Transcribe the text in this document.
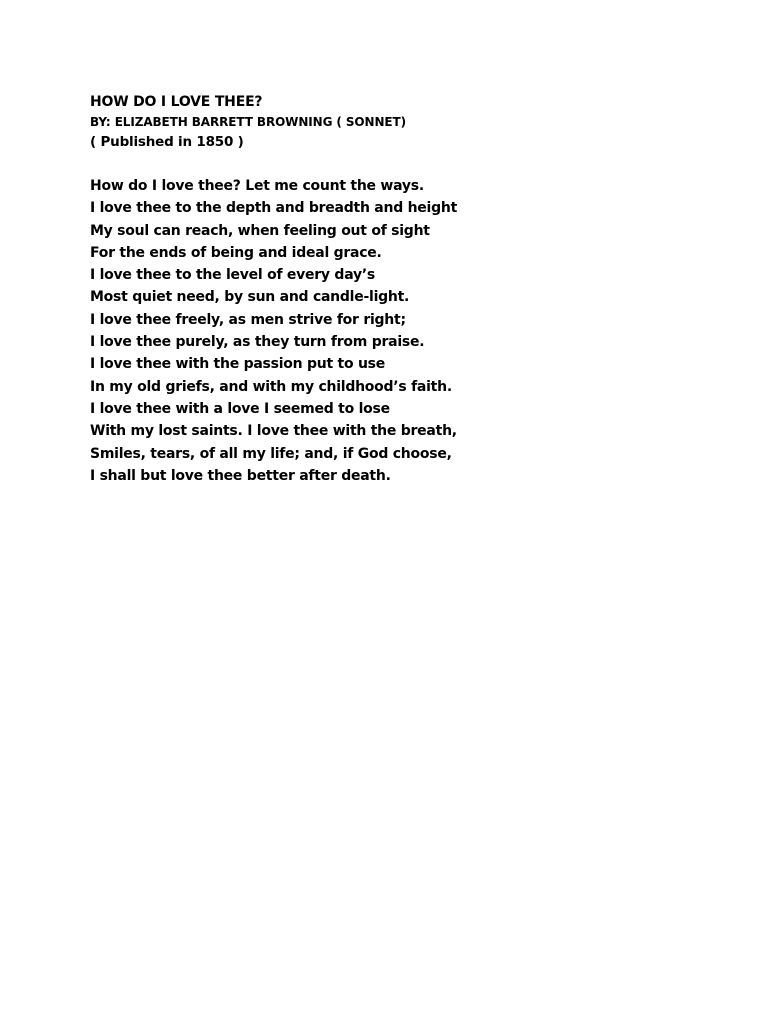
HOW DO I LOVE THEE?
BY: ELIZABETH BARRETT BROWNING ( SONNET)
( Published in 1850 )
How do I love thee? Let me count the ways.
I love thee to the depth and breadth and height
My soul can reach, when feeling out of sight
For the ends of being and ideal grace.
I love thee to the level of every day’s
Most quiet need, by sun and candle-light.
I love thee freely, as men strive for right;
I love thee purely, as they turn from praise.
I love thee with the passion put to use
In my old griefs, and with my childhood’s faith.
I love thee with a love I seemed to lose
With my lost saints. I love thee with the breath,
Smiles, tears, of all my life; and, if God choose,
I shall but love thee better after death.
